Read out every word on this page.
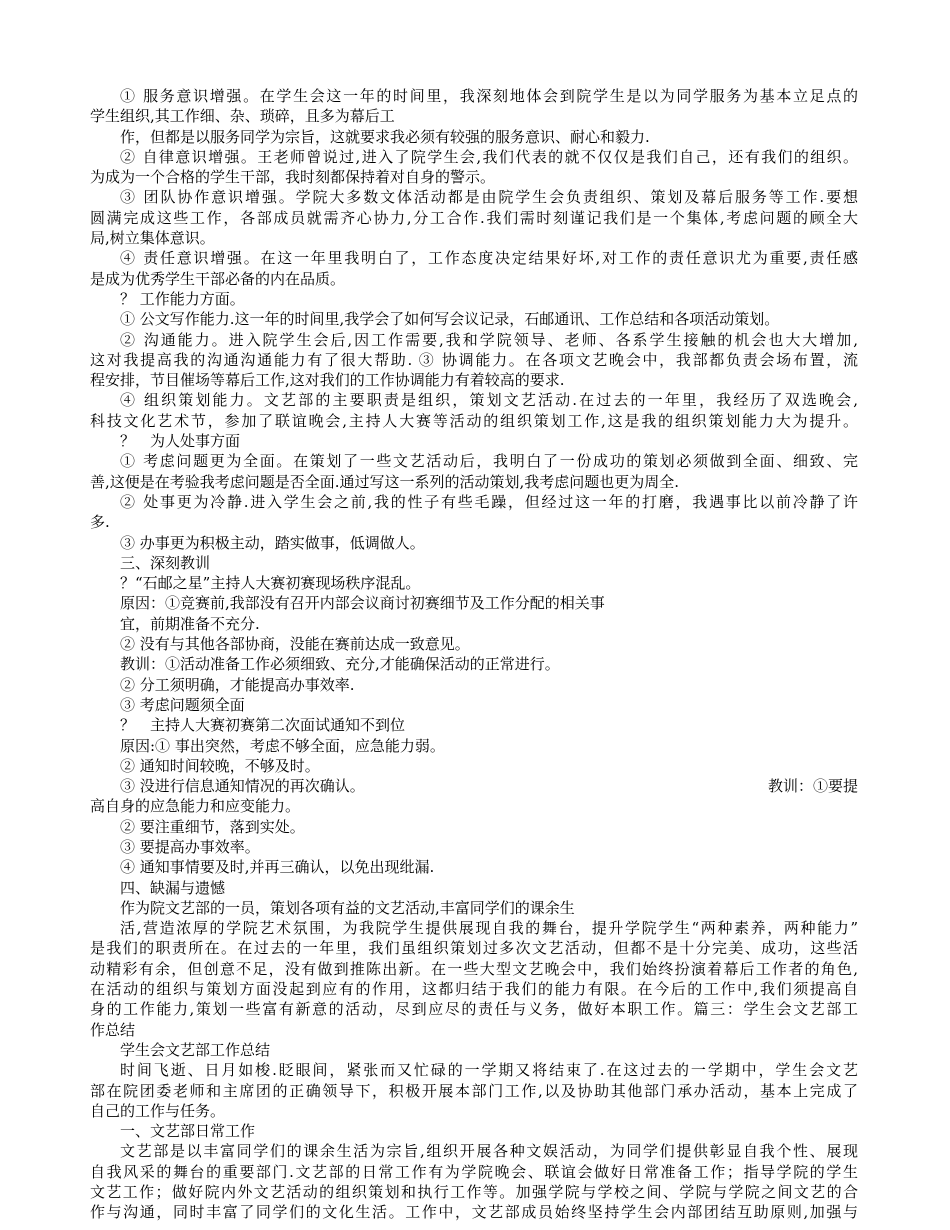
① 服务意识增强。在学生会这一年的时间里，我深刻地体会到院学生是以为同学服务为基本立足点的
学生组织,其工作细、杂、琐碎，且多为幕后工
作，但都是以服务同学为宗旨，这就要求我必须有较强的服务意识、耐心和毅力.
② 自律意识增强。王老师曾说过,进入了院学生会,我们代表的就不仅仅是我们自己，还有我们的组织。
为成为一个合格的学生干部，我时刻都保持着对自身的警示。
③ 团队协作意识增强。学院大多数文体活动都是由院学生会负责组织、策划及幕后服务等工作.要想
圆满完成这些工作，各部成员就需齐心协力,分工合作.我们需时刻谨记我们是一个集体,考虑问题的顾全大
局,树立集体意识。
④ 责任意识增强。在这一年里我明白了，工作态度决定结果好坏,对工作的责任意识尤为重要,责任感
是成为优秀学生干部必备的内在品质。
？ 工作能力方面。
① 公文写作能力.这一年的时间里,我学会了如何写会议记录，石邮通讯、工作总结和各项活动策划。
② 沟通能力。进入院学生会后,因工作需要,我和学院领导、老师、各系学生接触的机会也大大增加,
这对我提高我的沟通沟通能力有了很大帮助. ③ 协调能力。在各项文艺晚会中，我部都负责会场布置，流
程安排，节目催场等幕后工作,这对我们的工作协调能力有着较高的要求.
④ 组织策划能力。文艺部的主要职责是组织，策划文艺活动.在过去的一年里，我经历了双选晚会,
科技文化艺术节，参加了联谊晚会,主持人大赛等活动的组织策划工作,这是我的组织策划能力大为提升。
？　为人处事方面
① 考虑问题更为全面。在策划了一些文艺活动后，我明白了一份成功的策划必须做到全面、细致、完
善,这便是在考验我考虑问题是否全面.通过写这一系列的活动策划,我考虑问题也更为周全.
② 处事更为冷静.进入学生会之前,我的性子有些毛躁，但经过这一年的打磨，我遇事比以前冷静了许
多.
③ 办事更为积极主动，踏实做事，低调做人。
三、深刻教训
？“石邮之星”主持人大赛初赛现场秩序混乱。
原因：①竞赛前,我部没有召开内部会议商讨初赛细节及工作分配的相关事
宜，前期准备不充分.
② 没有与其他各部协商，没能在赛前达成一致意见。
教训：①活动准备工作必须细致、充分,才能确保活动的正常进行。
② 分工须明确，才能提高办事效率.
③ 考虑问题须全面
？　主持人大赛初赛第二次面试通知不到位
原因:① 事出突然，考虑不够全面，应急能力弱。
② 通知时间较晚，不够及时。
③ 没进行信息通知情况的再次确认。	教训：①要提
高自身的应急能力和应变能力。
② 要注重细节，落到实处。
③ 要提高办事效率。
④ 通知事情要及时,并再三确认，以免出现纰漏.
四、缺漏与遗憾
作为院文艺部的一员，策划各项有益的文艺活动,丰富同学们的课余生
活,营造浓厚的学院艺术氛围，为我院学生提供展现自我的舞台，提升学院学生“两种素养，两种能力”
是我们的职责所在。在过去的一年里，我们虽组织策划过多次文艺活动，但都不是十分完美、成功，这些活
动精彩有余，但创意不足，没有做到推陈出新。在一些大型文艺晚会中，我们始终扮演着幕后工作者的角色,
在活动的组织与策划方面没起到应有的作用，这都归结于我们的能力有限。在今后的工作中,我们须提高自
身的工作能力,策划一些富有新意的活动，尽到应尽的责任与义务，做好本职工作。篇三：学生会文艺部工
作总结
学生会文艺部工作总结
时间飞逝、日月如梭.眨眼间，紧张而又忙碌的一学期又将结束了.在这过去的一学期中，学生会文艺
部在院团委老师和主席团的正确领导下，积极开展本部门工作,以及协助其他部门承办活动，基本上完成了
自己的工作与任务。
一、文艺部日常工作
文艺部是以丰富同学们的课余生活为宗旨,组织开展各种文娱活动，为同学们提供彰显自我个性、展现
自我风采的舞台的重要部门.文艺部的日常工作有为学院晚会、联谊会做好日常准备工作；指导学院的学生
文艺工作；做好院内外文艺活动的组织策划和执行工作等。加强学院与学校之间、学院与学院之间文艺的合
作与沟通，同时丰富了同学们的文化生活。工作中，文艺部成员始终坚持学生会内部团结互助原则,加强与
